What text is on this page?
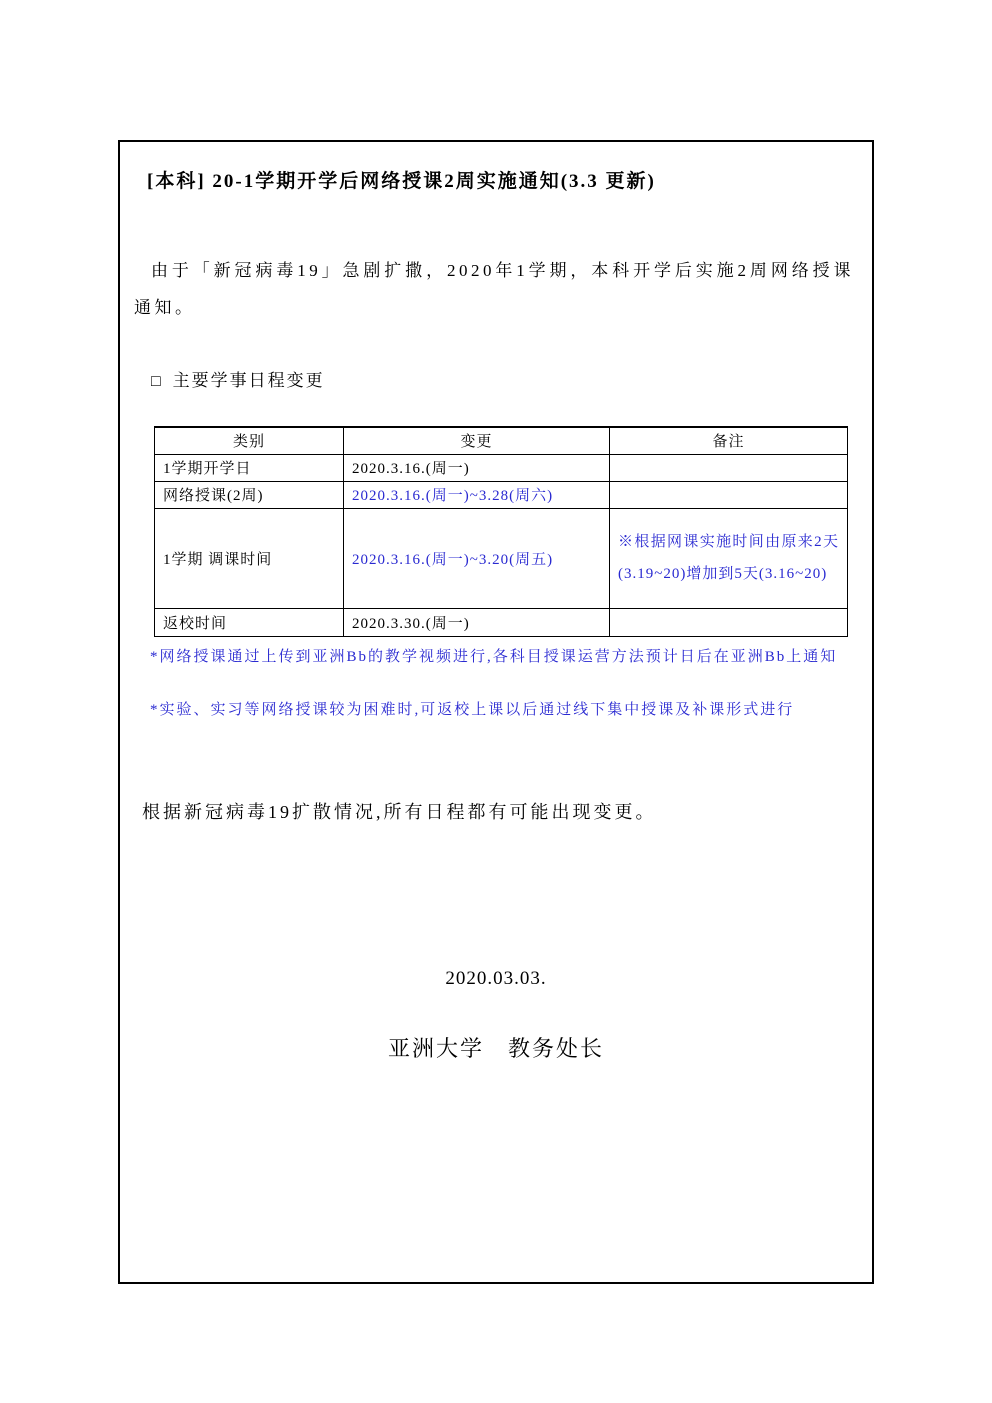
[本科] 20-1学期开学后网络授课2周实施通知(3.3 更新)

由于「新冠病毒19」急剧扩撒，2020年1学期，本科开学后实施2周网络授课通知。

□ 主要学事日程变更
类别	变更	备注
1学期开学日	2020.3.16.(周一)	
网络授课(2周)	2020.3.16.(周一)~3.28(周六)	
1学期 调课时间	2020.3.16.(周一)~3.20(周五)	※根据网课实施时间由原来2天(3.19~20)增加到5天(3.16~20)
返校时间	2020.3.30.(周一)	

*网络授课通过上传到亚洲Bb的教学视频进行,各科目授课运营方法预计日后在亚洲Bb上通知

*实验、实习等网络授课较为困难时,可返校上课以后通过线下集中授课及补课形式进行

根据新冠病毒19扩散情况,所有日程都有可能出现变更。

2020.03.03.

亚洲大学　教务处长
